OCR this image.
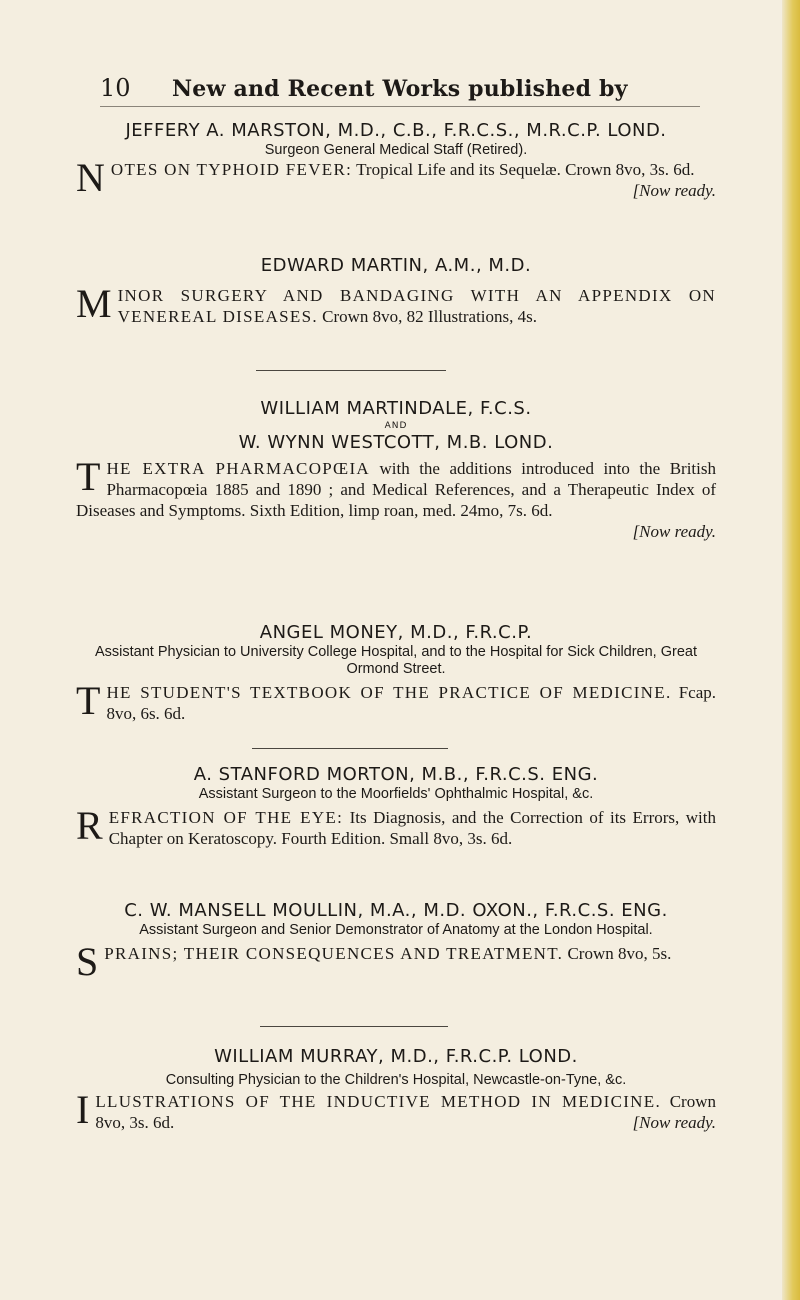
10 New and Recent Works published by
JEFFERY A. MARSTON, M.D., C.B., F.R.C.S., M.R.C.P. LOND.
Surgeon General Medical Staff (Retired).

NOTES ON TYPHOID FEVER: Tropical Life and its Sequelæ. Crown 8vo, 3s. 6d.
[Now ready.

EDWARD MARTIN, A.M., M.D.

MINOR SURGERY AND BANDAGING WITH AN APPENDIX ON VENEREAL DISEASES. Crown 8vo, 82 Illustrations, 4s.

WILLIAM MARTINDALE, F.C.S.
AND
W. WYNN WESTCOTT, M.B. LOND.

THE EXTRA PHARMACOPŒIA with the additions introduced into the British Pharmacopœia 1885 and 1890 ; and Medical References, and a Therapeutic Index of Diseases and Symptoms. Sixth Edition, limp roan, med. 24mo, 7s. 6d.

[Now ready.

ANGEL MONEY, M.D., F.R.C.P.
Assistant Physician to University College Hospital, and to the Hospital for Sick Children, Great Ormond Street.

THE STUDENT'S TEXTBOOK OF THE PRACTICE OF MEDICINE. Fcap. 8vo, 6s. 6d.

A. STANFORD MORTON, M.B., F.R.C.S. ENG.
Assistant Surgeon to the Moorfields' Ophthalmic Hospital, &c.

REFRACTION OF THE EYE: Its Diagnosis, and the Correction of its Errors, with Chapter on Keratoscopy. Fourth Edition. Small 8vo, 3s. 6d.

C. W. MANSELL MOULLIN, M.A., M.D. OXON., F.R.C.S. ENG.
Assistant Surgeon and Senior Demonstrator of Anatomy at the London Hospital.

SPRAINS; THEIR CONSEQUENCES AND TREATMENT. Crown 8vo, 5s.

WILLIAM MURRAY, M.D., F.R.C.P. LOND.
Consulting Physician to the Children's Hospital, Newcastle-on-Tyne, &c.

ILLUSTRATIONS OF THE INDUCTIVE METHOD IN MEDICINE. Crown 8vo, 3s. 6d.	[Now ready.
